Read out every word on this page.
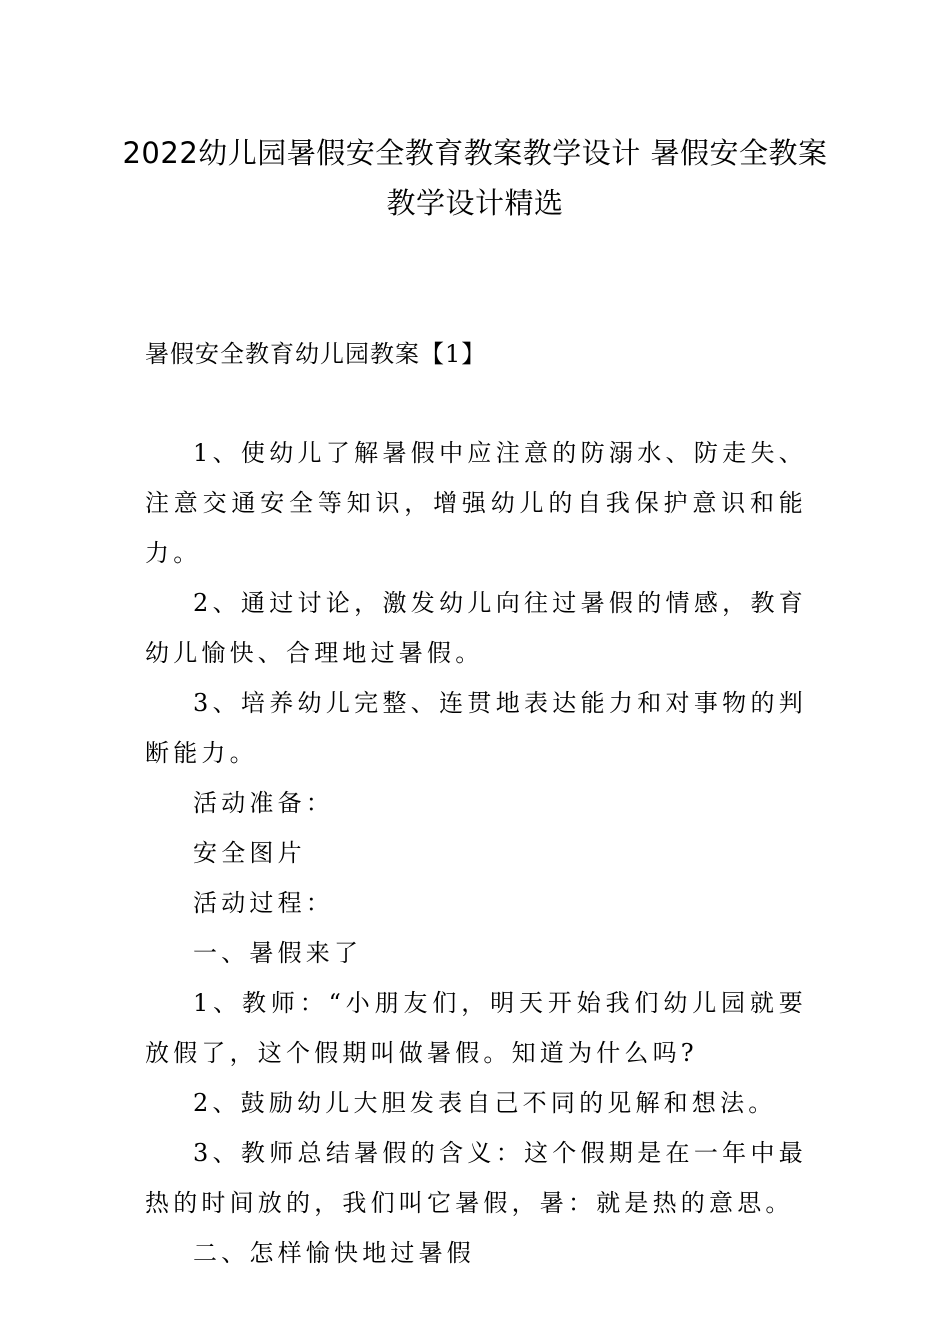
2022幼儿园暑假安全教育教案教学设计 暑假安全教案教学设计精选
暑假安全教育幼儿园教案【1】

1、使幼儿了解暑假中应注意的防溺水、防走失、注意交通安全等知识，增强幼儿的自我保护意识和能力。

2、通过讨论，激发幼儿向往过暑假的情感，教育幼儿愉快、合理地过暑假。

3、培养幼儿完整、连贯地表达能力和对事物的判断能力。

活动准备：

安全图片

活动过程：

一、暑假来了

1、教师：“小朋友们，明天开始我们幼儿园就要放假了，这个假期叫做暑假。知道为什么吗?

2、鼓励幼儿大胆发表自己不同的见解和想法。

3、教师总结暑假的含义：这个假期是在一年中最热的时间放的，我们叫它暑假，暑：就是热的意思。

二、怎样愉快地过暑假
